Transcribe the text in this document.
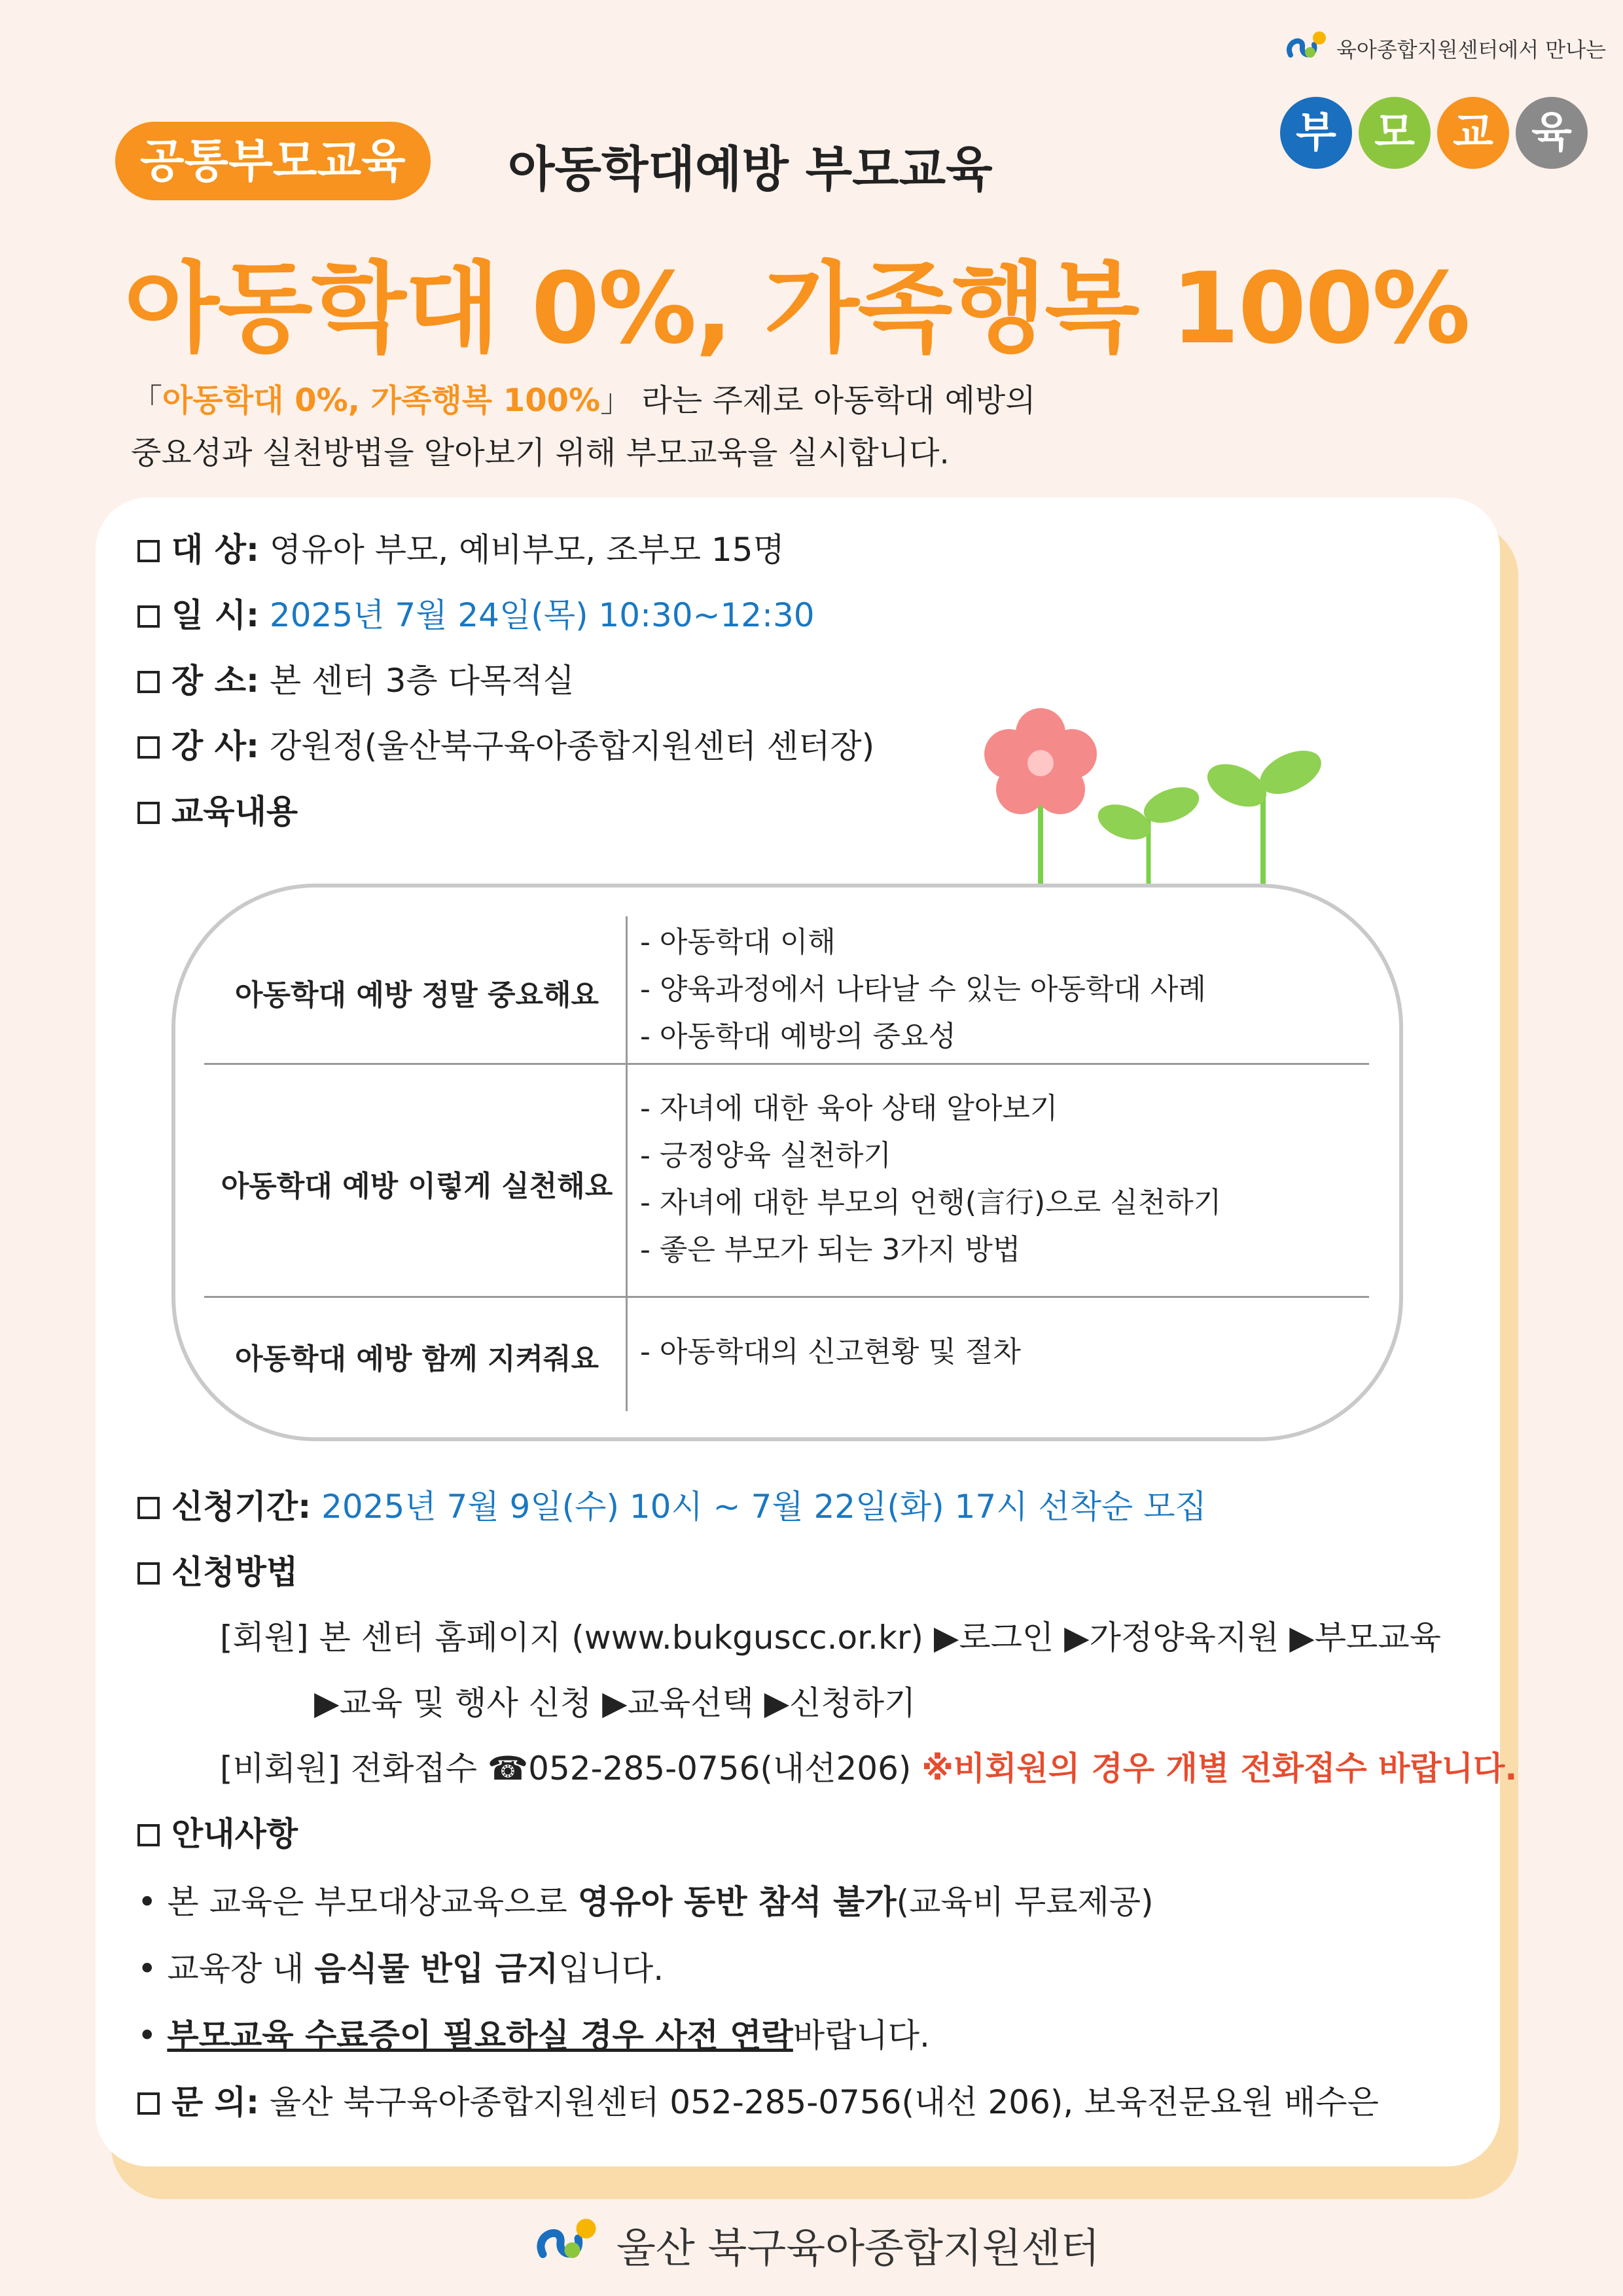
육아종합지원센터에서 만나는
부 모 교 육
공통부모교육	아동학대예방 부모교육
아동학대 0%, 가족행복 100%
「아동학대 0%, 가족행복 100%」 라는 주제로 아동학대 예방의
중요성과 실천방법을 알아보기 위해 부모교육을 실시합니다.
대 상: 영유아 부모, 예비부모, 조부모 15명
일 시: 2025년 7월 24일(목) 10:30~12:30
장 소: 본 센터 3층 다목적실
강 사: 강원정(울산북구육아종합지원센터 센터장)
교육내용
아동학대 예방 정말 중요해요
- 아동학대 이해
- 양육과정에서 나타날 수 있는 아동학대 사례
- 아동학대 예방의 중요성
아동학대 예방 이렇게 실천해요
- 자녀에 대한 육아 상태 알아보기
- 긍정양육 실천하기
- 자녀에 대한 부모의 언행(言行)으로 실천하기
- 좋은 부모가 되는 3가지 방법
아동학대 예방 함께 지켜줘요	- 아동학대의 신고현황 및 절차
신청기간: 2025년 7월 9일(수) 10시 ~ 7월 22일(화) 17시 선착순 모집
신청방법
[회원] 본 센터 홈페이지 (www.bukguscc.or.kr) ▶로그인 ▶가정양육지원 ▶부모교육
▶교육 및 행사 신청 ▶교육선택 ▶신청하기
[비회원] 전화접수 ☎052-285-0756(내선206) ※비회원의 경우 개별 전화접수 바랍니다.
안내사항
• 본 교육은 부모대상교육으로 영유아 동반 참석 불가(교육비 무료제공)
• 교육장 내 음식물 반입 금지입니다.
• 부모교육 수료증이 필요하실 경우 사전 연락바랍니다.
문 의: 울산 북구육아종합지원센터 052-285-0756(내선 206), 보육전문요원 배수은
울산 북구육아종합지원센터
